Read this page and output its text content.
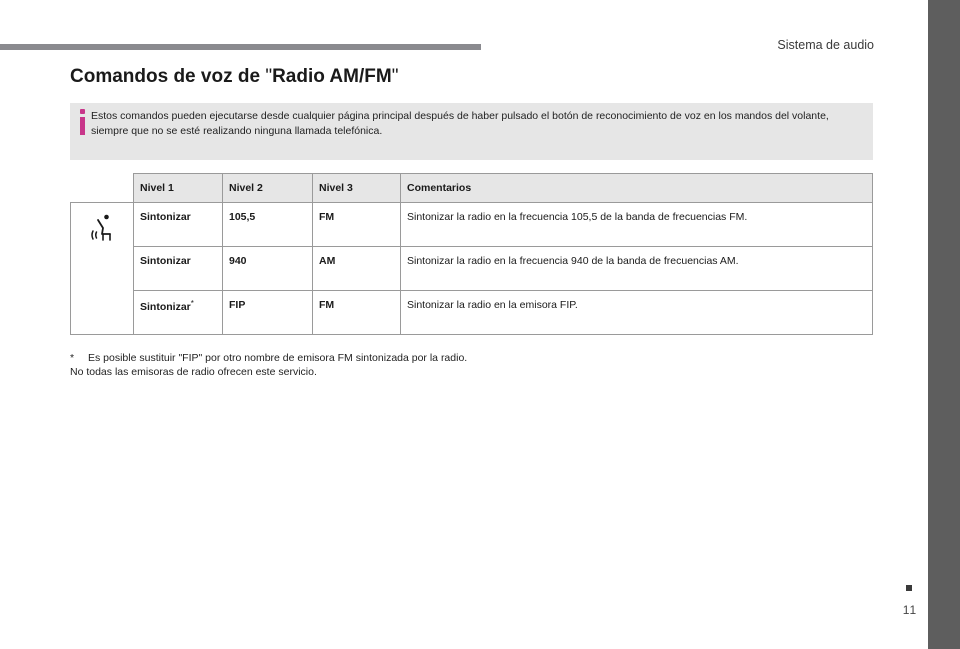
Sistema de audio
Comandos de voz de "Radio AM/FM"
Estos comandos pueden ejecutarse desde cualquier página principal después de haber pulsado el botón de reconocimiento de voz en los mandos del volante, siempre que no se esté realizando ninguna llamada telefónica.
	Nivel 1	Nivel 2	Nivel 3	Comentarios
	Sintonizar	105,5	FM	Sintonizar la radio en la frecuencia 105,5 de la banda de frecuencias FM.
	Sintonizar	940	AM	Sintonizar la radio en la frecuencia 940 de la banda de frecuencias AM.
	Sintonizar*	FIP	FM	Sintonizar la radio en la emisora FIP.
* Es posible sustituir "FIP" por otro nombre de emisora FM sintonizada por la radio.
No todas las emisoras de radio ofrecen este servicio.
11
